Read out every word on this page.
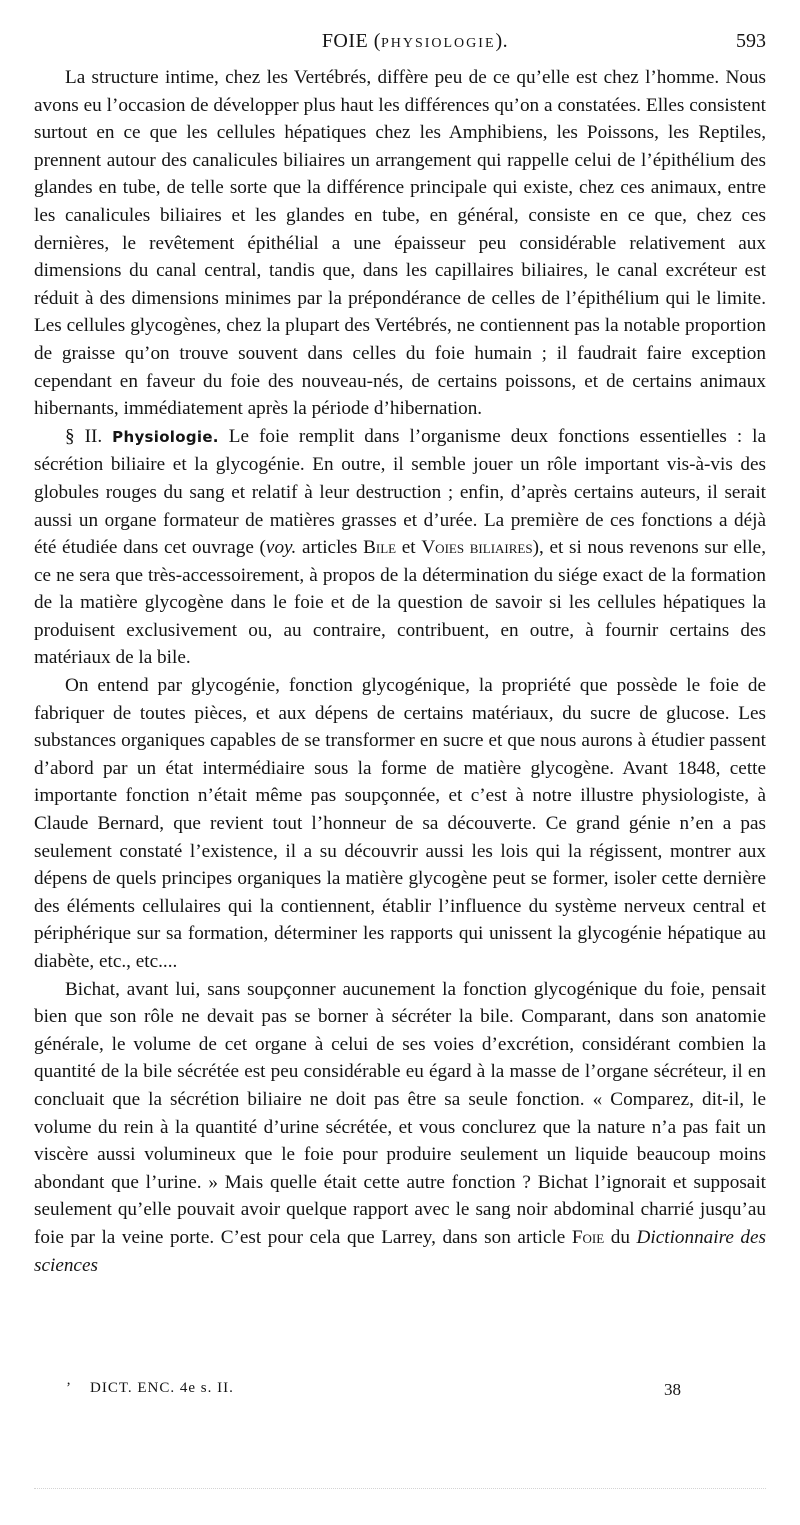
FOIE (PHYSIOLOGIE).	593

La structure intime, chez les Vertébrés, diffère peu de ce qu’elle est chez l’homme. Nous avons eu l’occasion de développer plus haut les différences qu’on a constatées. Elles consistent surtout en ce que les cellules hépatiques chez les Amphibiens, les Poissons, les Reptiles, prennent autour des canalicules biliaires un arrangement qui rappelle celui de l’épithélium des glandes en tube, de telle sorte que la différence principale qui existe, chez ces animaux, entre les canalicules biliaires et les glandes en tube, en général, consiste en ce que, chez ces dernières, le revêtement épithélial a une épaisseur peu considérable relativement aux dimensions du canal central, tandis que, dans les capillaires biliaires, le canal excréteur est réduit à des dimensions minimes par la prépondérance de celles de l’épithélium qui le limite. Les cellules glycogènes, chez la plupart des Vertébrés, ne contiennent pas la notable proportion de graisse qu’on trouve souvent dans celles du foie humain ; il faudrait faire exception cependant en faveur du foie des nouveau-nés, de certains poissons, et de certains animaux hibernants, immédiatement après la période d’hibernation.

§ II. Physiologie. Le foie remplit dans l’organisme deux fonctions essentielles : la sécrétion biliaire et la glycogénie. En outre, il semble jouer un rôle important vis-à-vis des globules rouges du sang et relatif à leur destruction ; enfin, d’après certains auteurs, il serait aussi un organe formateur de matières grasses et d’urée. La première de ces fonctions a déjà été étudiée dans cet ouvrage (voy. articles Bile et Voies biliaires), et si nous revenons sur elle, ce ne sera que très-accessoirement, à propos de la détermination du siége exact de la formation de la matière glycogène dans le foie et de la question de savoir si les cellules hépatiques la produisent exclusivement ou, au contraire, contribuent, en outre, à fournir certains des matériaux de la bile.

On entend par glycogénie, fonction glycogénique, la propriété que possède le foie de fabriquer de toutes pièces, et aux dépens de certains matériaux, du sucre de glucose. Les substances organiques capables de se transformer en sucre et que nous aurons à étudier passent d’abord par un état intermédiaire sous la forme de matière glycogène. Avant 1848, cette importante fonction n’était même pas soupçonnée, et c’est à notre illustre physiologiste, à Claude Bernard, que revient tout l’honneur de sa découverte. Ce grand génie n’en a pas seulement constaté l’existence, il a su découvrir aussi les lois qui la régissent, montrer aux dépens de quels principes organiques la matière glycogène peut se former, isoler cette dernière des éléments cellulaires qui la contiennent, établir l’influence du système nerveux central et périphérique sur sa formation, déterminer les rapports qui unissent la glycogénie hépatique au diabète, etc., etc....

Bichat, avant lui, sans soupçonner aucunement la fonction glycogénique du foie, pensait bien que son rôle ne devait pas se borner à sécréter la bile. Comparant, dans son anatomie générale, le volume de cet organe à celui de ses voies d’excrétion, considérant combien la quantité de la bile sécrétée est peu considérable eu égard à la masse de l’organe sécréteur, il en concluait que la sécrétion biliaire ne doit pas être sa seule fonction. « Comparez, dit-il, le volume du rein à la quantité d’urine sécrétée, et vous conclurez que la nature n’a pas fait un viscère aussi volumineux que le foie pour produire seulement un liquide beaucoup moins abondant que l’urine. » Mais quelle était cette autre fonction ? Bichat l’ignorait et supposait seulement qu’elle pouvait avoir quelque rapport avec le sang noir abdominal charrié jusqu’au foie par la veine porte. C’est pour cela que Larrey, dans son article Foie du Dictionnaire des sciences

’ DICT. ENC. 4e s. II.	38
